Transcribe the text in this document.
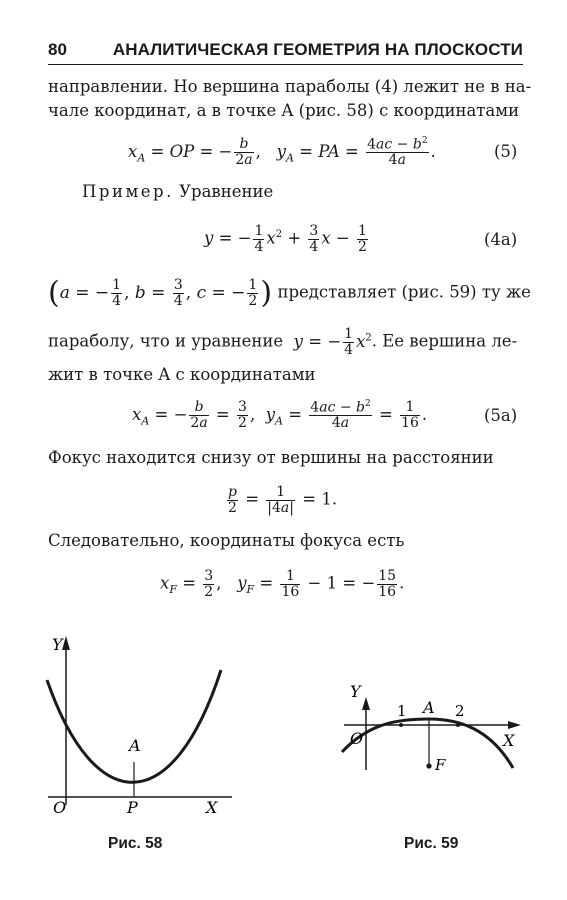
80	АНАЛИТИЧЕСКАЯ ГЕОМЕТРИЯ НА ПЛОСКОСТИ
направлении. Но вершина параболы (4) лежит не в на-
чале координат, а в точке A (рис. 58) с координатами
$x_A$ = OP = − $\frac{b}{2a}$ ,   $y_A$ = PA = $\frac{4ac - b^2}{4a}$ .	(5)
Пример. Уравнение
y = − $\frac{1}{4} x^2 + \frac{3}{4}$ $x - \frac{1}{2}$	(4а)
(a = − $\frac{1}{4}$ , $b = \frac{3}{4}$ , c = − $\frac{1}{2}$ ) представляет (рис. 59) ту же
параболу, что и уравнение y = − $\frac{1}{4} x^2$. Ее вершина ле-
жит в точке A с координатами
$x_A$ = − $\frac{b}{2a} = \frac{3}{2}$ ,  $y_A = \frac{4ac - b^2}{4a} = \frac{1}{16}$ .	(5а)
Фокус находится снизу от вершины на расстоянии
$\frac{p}{2} = \frac{1}{|4a|} = 1$.
Следовательно, координаты фокуса есть
$x_F = \frac{3}{2}$ ,   $y_F = \frac{1}{16} - 1$ = − $\frac{15}{16}$ .
Y
X
O
A
P
Рис. 58
Y
X
O
A
F
1	2
Рис. 59
